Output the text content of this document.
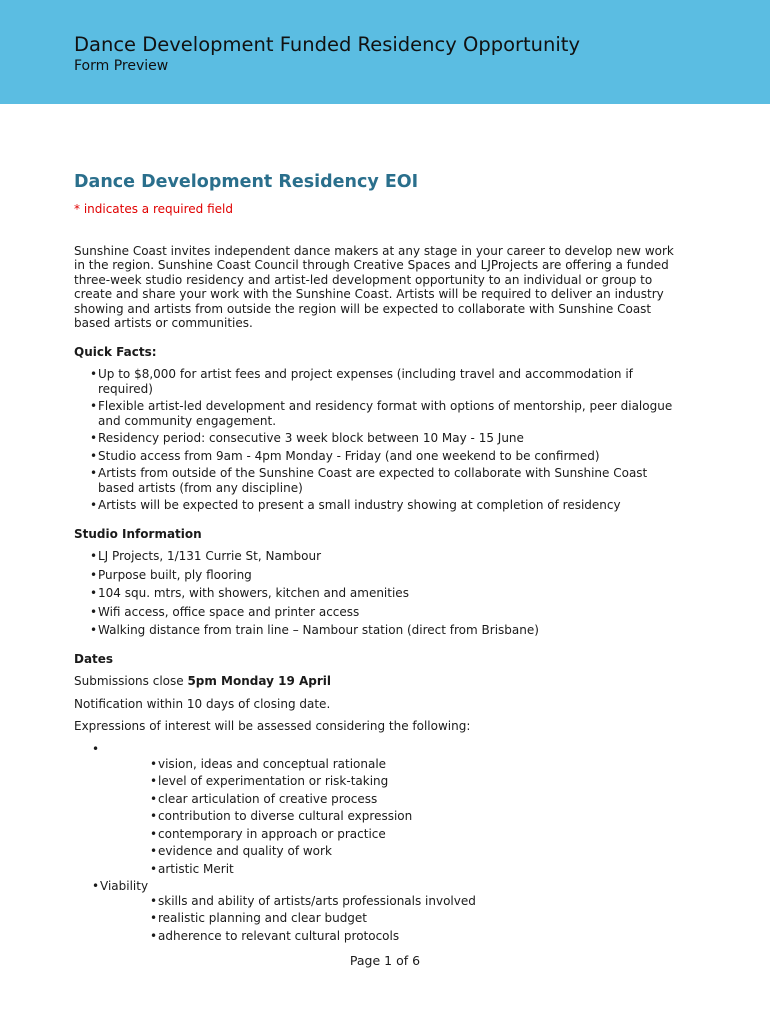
Dance Development Funded Residency Opportunity
Form Preview
Dance Development Residency EOI
* indicates a required field
Sunshine Coast invites independent dance makers at any stage in your career to develop new work in the region. Sunshine Coast Council through Creative Spaces and LJProjects are offering a funded three-week studio residency and artist-led development opportunity to an individual or group to create and share your work with the Sunshine Coast. Artists will be required to deliver an industry showing and artists from outside the region will be expected to collaborate with Sunshine Coast based artists or communities.
Quick Facts:
• Up to $8,000 for artist fees and project expenses (including travel and accommodation if required)
• Flexible artist-led development and residency format with options of mentorship, peer dialogue and community engagement.
• Residency period: consecutive 3 week block between 10 May - 15 June
• Studio access from 9am - 4pm Monday - Friday (and one weekend to be confirmed)
• Artists from outside of the Sunshine Coast are expected to collaborate with Sunshine Coast based artists (from any discipline)
• Artists will be expected to present a small industry showing at completion of residency
Studio Information
• LJ Projects, 1/131 Currie St, Nambour
• Purpose built, ply flooring
• 104 squ. mtrs, with showers, kitchen and amenities
• Wifi access, office space and printer access
• Walking distance from train line – Nambour station (direct from Brisbane)
Dates
Submissions close 5pm Monday 19 April
Notification within 10 days of closing date.
Expressions of interest will be assessed considering the following:
• • vision, ideas and conceptual rationale
• level of experimentation or risk-taking
• clear articulation of creative process
• contribution to diverse cultural expression
• contemporary in approach or practice
• evidence and quality of work
• artistic Merit
• Viability
• skills and ability of artists/arts professionals involved
• realistic planning and clear budget
• adherence to relevant cultural protocols
Page 1 of 6
